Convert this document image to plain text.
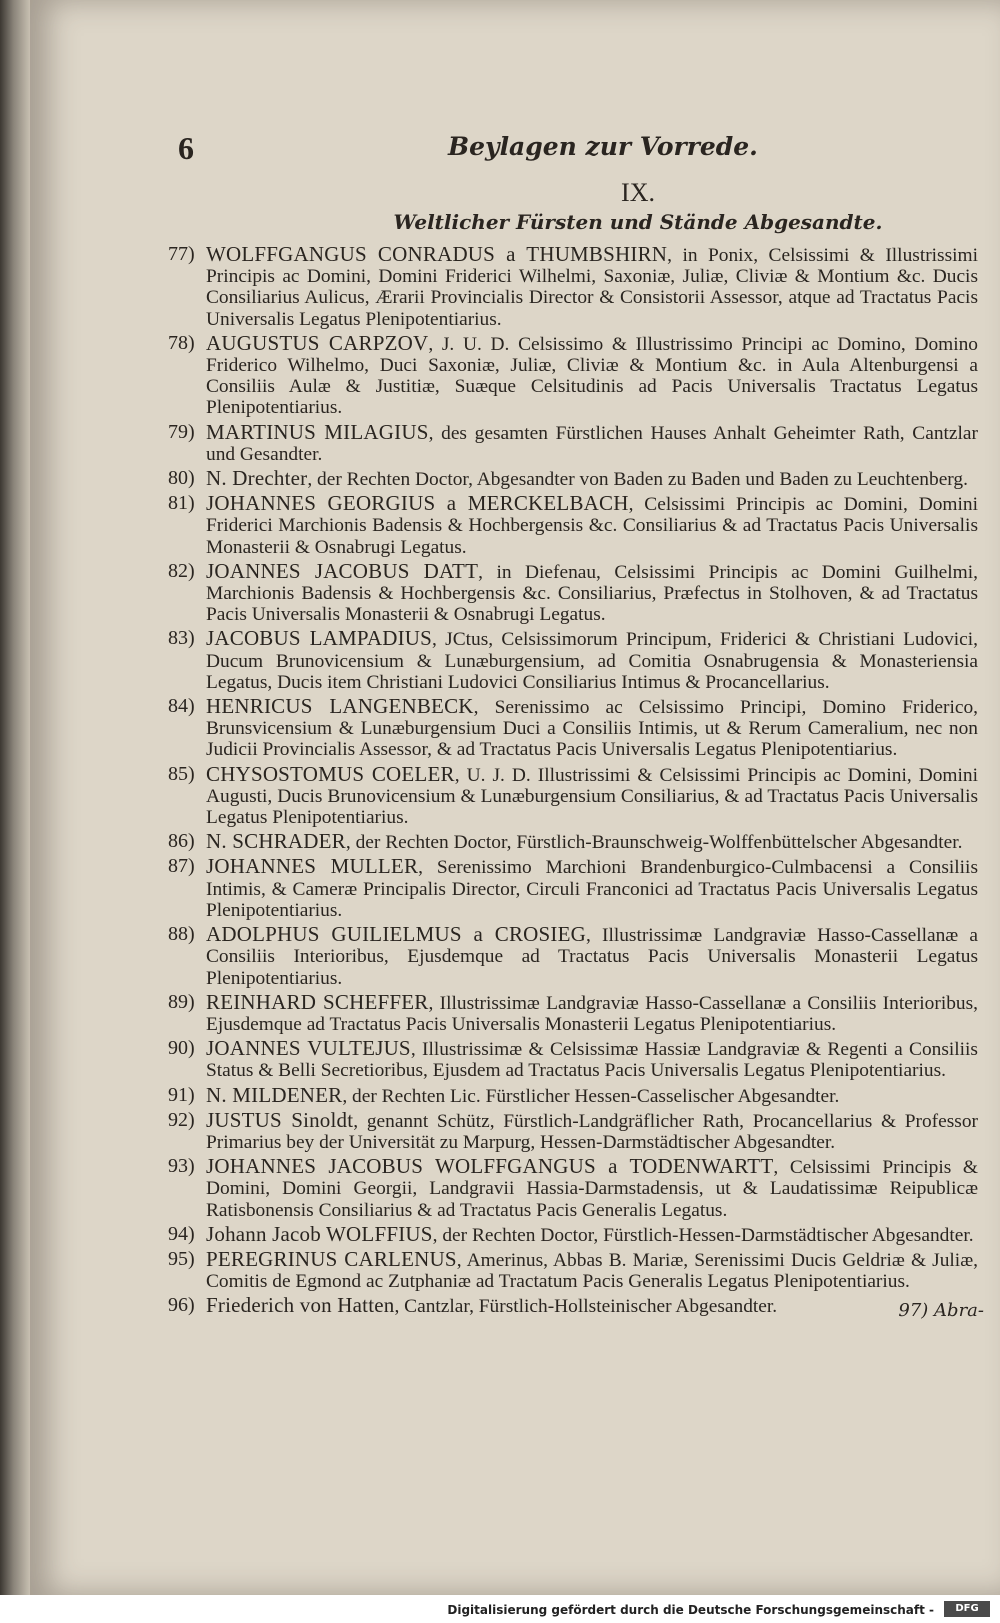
6	Beylagen zur Vorrede.
IX.
Weltlicher Fürsten und Stände Abgesandte.
77) WOLFFGANGUS CONRADUS a THUMBSHIRN, in Ponix, Celsissimi & Illustrissimi Principis ac Domini, Domini Friderici Wilhelmi, Saxoniæ, Juliæ, Cliviæ & Montium &c. Ducis Consiliarius Aulicus, Ærarii Provincialis Director & Consistorii Assessor, atque ad Tractatus Pacis Universalis Legatus Plenipotentiarius.
78) AUGUSTUS CARPZOV, J. U. D. Celsissimo & Illustrissimo Principi ac Domino, Domino Friderico Wilhelmo, Duci Saxoniæ, Juliæ, Cliviæ & Montium &c. in Aula Altenburgensi a Consiliis Aulæ & Justitiæ, Suæque Celsitudinis ad Pacis Universalis Tractatus Legatus Plenipotentiarius.
79) MARTINUS MILAGIUS, des gesamten Fürstlichen Hauses Anhalt Geheimter Rath, Cantzlar und Gesandter.
80) N. Drechter, der Rechten Doctor, Abgesandter von Baden zu Baden und Baden zu Leuchtenberg.
81) JOHANNES GEORGIUS a MERCKELBACH, Celsissimi Principis ac Domini, Domini Friderici Marchionis Badensis & Hochbergensis &c. Consiliarius & ad Tractatus Pacis Universalis Monasterii & Osnabrugi Legatus.
82) JOANNES JACOBUS DATT, in Diefenau, Celsissimi Principis ac Domini Guilhelmi, Marchionis Badensis & Hochbergensis &c. Consiliarius, Præfectus in Stolhoven, & ad Tractatus Pacis Universalis Monasterii & Osnabrugi Legatus.
83) JACOBUS LAMPADIUS, JCtus, Celsissimorum Principum, Friderici & Christiani Ludovici, Ducum Brunovicensium & Lunæburgensium, ad Comitia Osnabrugensia & Monasteriensia Legatus, Ducis item Christiani Ludovici Consiliarius Intimus & Procancellarius.
84) HENRICUS LANGENBECK, Serenissimo ac Celsissimo Principi, Domino Friderico, Brunsvicensium & Lunæburgensium Duci a Consiliis Intimis, ut & Rerum Cameralium, nec non Judicii Provincialis Assessor, & ad Tractatus Pacis Universalis Legatus Plenipotentiarius.
85) CHYSOSTOMUS COELER, U. J. D. Illustrissimi & Celsissimi Principis ac Domini, Domini Augusti, Ducis Brunovicensium & Lunæburgensium Consiliarius, & ad Tractatus Pacis Universalis Legatus Plenipotentiarius.
86) N. SCHRADER, der Rechten Doctor, Fürstlich-Braunschweig-Wolffenbüttelscher Abgesandter.
87) JOHANNES MULLER, Serenissimo Marchioni Brandenburgico-Culmbacensi a Consiliis Intimis, & Cameræ Principalis Director, Circuli Franconici ad Tractatus Pacis Universalis Legatus Plenipotentiarius.
88) ADOLPHUS GUILIELMUS a CROSIEG, Illustrissimæ Landgraviæ Hasso-Cassellanæ a Consiliis Interioribus, Ejusdemque ad Tractatus Pacis Universalis Monasterii Legatus Plenipotentiarius.
89) REINHARD SCHEFFER, Illustrissimæ Landgraviæ Hasso-Cassellanæ a Consiliis Interioribus, Ejusdemque ad Tractatus Pacis Universalis Monasterii Legatus Plenipotentiarius.
90) JOANNES VULTEJUS, Illustrissimæ & Celsissimæ Hassiæ Landgraviæ & Regenti a Consiliis Status & Belli Secretioribus, Ejusdem ad Tractatus Pacis Universalis Legatus Plenipotentiarius.
91) N. MILDENER, der Rechten Lic. Fürstlicher Hessen-Casselischer Abgesandter.
92) JUSTUS Sinoldt, genannt Schütz, Fürstlich-Landgräflicher Rath, Procancellarius & Professor Primarius bey der Universität zu Marpurg, Hessen-Darmstädtischer Abgesandter.
93) JOHANNES JACOBUS WOLFFGANGUS a TODENWARTT, Celsissimi Principis & Domini, Domini Georgii, Landgravii Hassia-Darmstadensis, ut & Laudatissimæ Reipublicæ Ratisbonensis Consiliarius & ad Tractatus Pacis Generalis Legatus.
94) Johann Jacob WOLFFIUS, der Rechten Doctor, Fürstlich-Hessen-Darmstädtischer Abgesandter.
95) PEREGRINUS CARLENUS, Amerinus, Abbas B. Mariæ, Serenissimi Ducis Geldriæ & Juliæ, Comitis de Egmond ac Zutphaniæ ad Tractatum Pacis Generalis Legatus Plenipotentiarius.
96) Friederich von Hatten, Cantzlar, Fürstlich-Hollsteinischer Abgesandter.	97) Abra-
Digitalisierung gefördert durch die Deutsche Forschungsgemeinschaft -	DFG
